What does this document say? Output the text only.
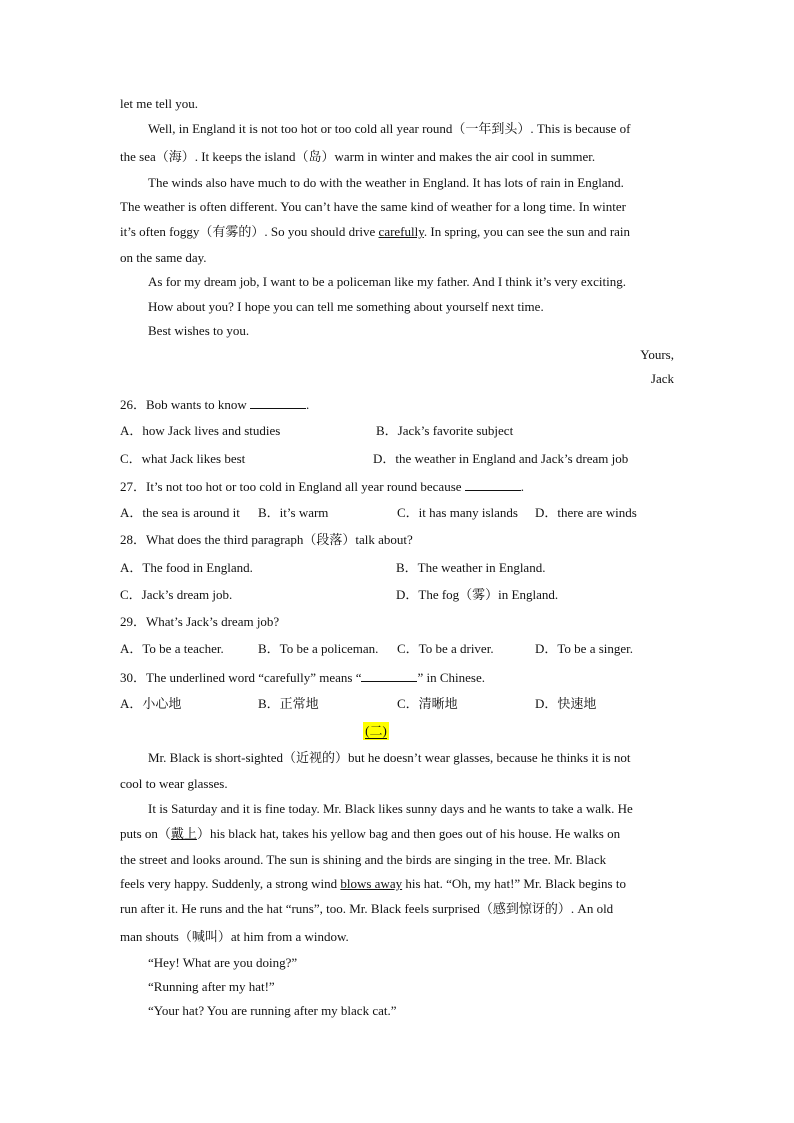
let me tell you.
Well, in England it is not too hot or too cold all year round（一年到头）. This is because of
the sea（海）. It keeps the island（岛）warm in winter and makes the air cool in summer.
The winds also have much to do with the weather in England. It has lots of rain in England.
The weather is often different. You can’t have the same kind of weather for a long time. In winter
it’s often foggy（有雾的）. So you should drive carefully. In spring, you can see the sun and rain
on the same day.
As for my dream job, I want to be a policeman like my father. And I think it’s very exciting.
How about you? I hope you can tell me something about yourself next time.
Best wishes to you.
Yours,
Jack
26．Bob wants to know	.
A．how Jack lives and studies	B．Jack’s favorite subject
C．what Jack likes best	D．the weather in England and Jack’s dream job
27．It’s not too hot or too cold in England all year round because	.
A．the sea is around it B．it’s warm	C．it has many islands D．there are winds
28．What does the third paragraph（段落）talk about?
A．The food in England.	B．The weather in England.
C．Jack’s dream job.	D．The fog（雾）in England.
29．What’s Jack’s dream job?
A．To be a teacher.	B．To be a policeman. C．To be a driver.	D．To be a singer.
30．The underlined word “carefully” means “	” in Chinese.
A．小心地	B．正常地	C．清晰地	D．快速地
(二)
Mr. Black is short-sighted（近视的）but he doesn’t wear glasses, because he thinks it is not
cool to wear glasses.
It is Saturday and it is fine today. Mr. Black likes sunny days and he wants to take a walk. He
puts on（戴上）his black hat, takes his yellow bag and then goes out of his house. He walks on
the street and looks around. The sun is shining and the birds are singing in the tree. Mr. Black
feels very happy. Suddenly, a strong wind blows away his hat. “Oh, my hat!” Mr. Black begins to
run after it. He runs and the hat “runs”, too. Mr. Black feels surprised（感到惊讶的）. An old
man shouts（喊叫）at him from a window.
“Hey! What are you doing?”
“Running after my hat!”
“Your hat? You are running after my black cat.”
